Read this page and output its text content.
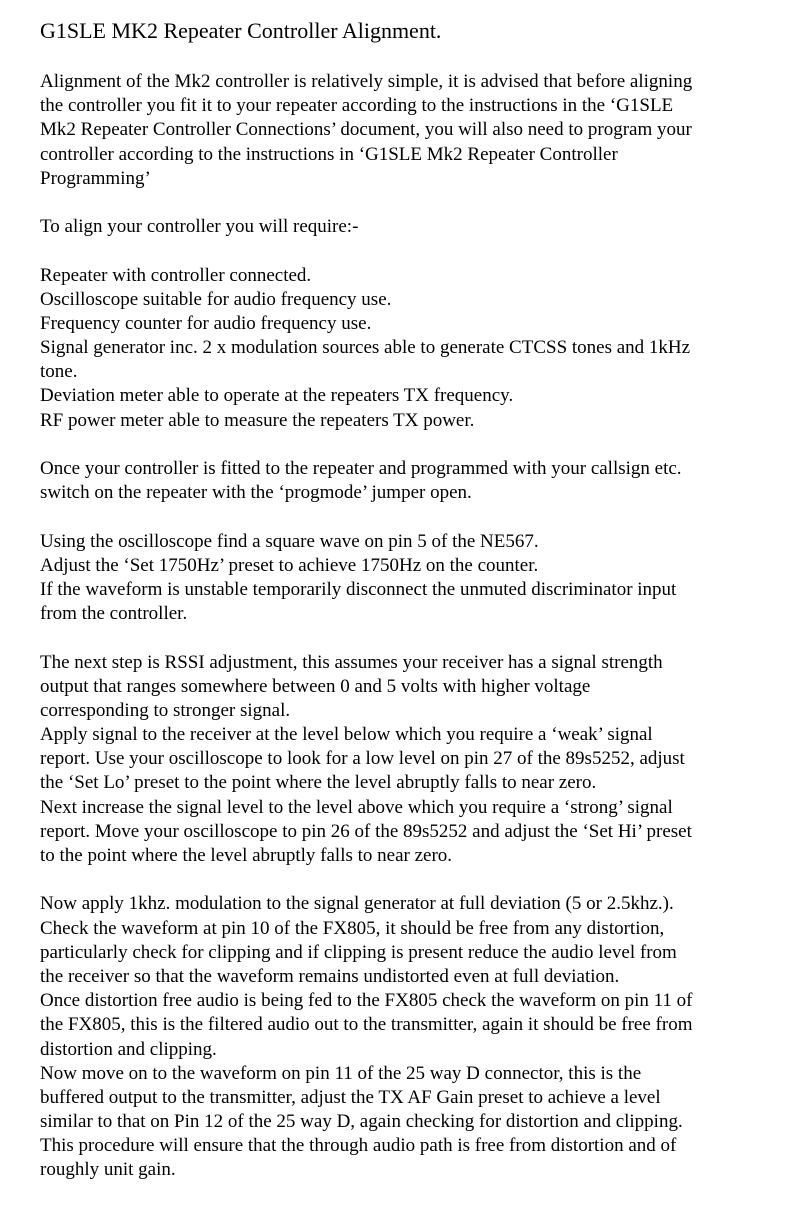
G1SLE MK2 Repeater Controller Alignment.
Alignment of the Mk2 controller is relatively simple, it is advised that before aligning
the controller you fit it to your repeater according to the instructions in the ‘G1SLE
Mk2 Repeater Controller Connections’ document, you will also need to program your
controller according to the instructions in ‘G1SLE Mk2 Repeater Controller
Programming’
To align your controller you will require:-
Repeater with controller connected.
Oscilloscope suitable for audio frequency use.
Frequency counter for audio frequency use.
Signal generator inc. 2 x modulation sources able to generate CTCSS tones and 1kHz
tone.
Deviation meter able to operate at the repeaters TX frequency.
RF power meter able to measure the repeaters TX power.
Once your controller is fitted to the repeater and programmed with your callsign etc.
switch on the repeater with the ‘progmode’ jumper open.
Using the oscilloscope find a square wave on pin 5 of the NE567.
Adjust the ‘Set 1750Hz’ preset to achieve 1750Hz on the counter.
If the waveform is unstable temporarily disconnect the unmuted discriminator input
from the controller.
The next step is RSSI adjustment, this assumes your receiver has a signal strength
output that ranges somewhere between 0 and 5 volts with higher voltage
corresponding to stronger signal.
Apply signal to the receiver at the level below which you require a ‘weak’ signal
report. Use your oscilloscope to look for a low level on pin 27 of the 89s5252, adjust
the ‘Set Lo’ preset to the point where the level abruptly falls to near zero.
Next increase the signal level to the level above which you require a ‘strong’ signal
report. Move your oscilloscope to pin 26 of the 89s5252 and adjust the ‘Set Hi’ preset
to the point where the level abruptly falls to near zero.
Now apply 1khz. modulation to the signal generator at full deviation (5 or 2.5khz.).
Check the waveform at pin 10 of the FX805, it should be free from any distortion,
particularly check for clipping and if clipping is present reduce the audio level from
the receiver so that the waveform remains undistorted even at full deviation.
Once distortion free audio is being fed to the FX805 check the waveform on pin 11 of
the FX805, this is the filtered audio out to the transmitter, again it should be free from
distortion and clipping.
Now move on to the waveform on pin 11 of the 25 way D connector, this is the
buffered output to the transmitter, adjust the TX AF Gain preset to achieve a level
similar to that on Pin 12 of the 25 way D, again checking for distortion and clipping.
This procedure will ensure that the through audio path is free from distortion and of
roughly unit gain.
